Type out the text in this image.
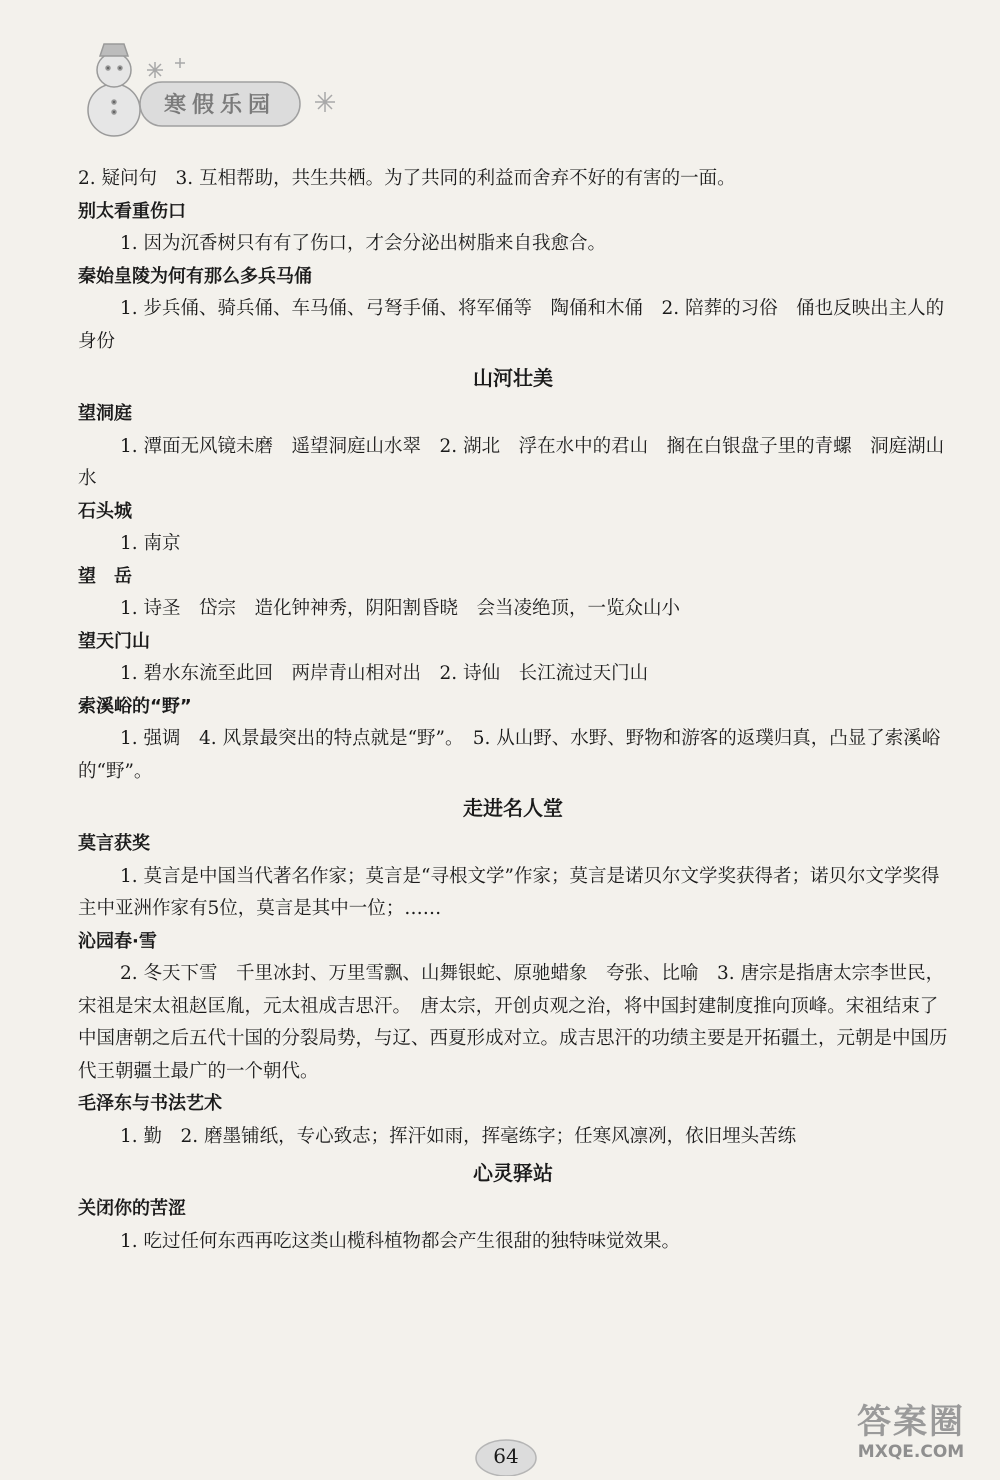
寒假乐园
2. 疑问句　3. 互相帮助，共生共栖。为了共同的利益而舍弃不好的有害的一面。
别太看重伤口
1. 因为沉香树只有有了伤口，才会分泌出树脂来自我愈合。
秦始皇陵为何有那么多兵马俑
1. 步兵俑、骑兵俑、车马俑、弓弩手俑、将军俑等　陶俑和木俑　2. 陪葬的习俗　俑也反映出主人的身份
山河壮美
望洞庭
1. 潭面无风镜未磨　遥望洞庭山水翠　2. 湖北　浮在水中的君山　搁在白银盘子里的青螺　洞庭湖山水
石头城
1. 南京
望　岳
1. 诗圣　岱宗　造化钟神秀，阴阳割昏晓　会当凌绝顶，一览众山小
望天门山
1. 碧水东流至此回　两岸青山相对出　2. 诗仙　长江流过天门山
索溪峪的“野”
1. 强调　4. 风景最突出的特点就是“野”。　5. 从山野、水野、野物和游客的返璞归真，凸显了索溪峪的“野”。
走进名人堂
莫言获奖
1. 莫言是中国当代著名作家；莫言是“寻根文学”作家；莫言是诺贝尔文学奖获得者；诺贝尔文学奖得主中亚洲作家有5位，莫言是其中一位；……
沁园春·雪
2. 冬天下雪　千里冰封、万里雪飘、山舞银蛇、原驰蜡象　夸张、比喻　3. 唐宗是指唐太宗李世民，宋祖是宋太祖赵匡胤，元太祖成吉思汗。　唐太宗，开创贞观之治，将中国封建制度推向顶峰。宋祖结束了中国唐朝之后五代十国的分裂局势，与辽、西夏形成对立。成吉思汗的功绩主要是开拓疆土，元朝是中国历代王朝疆土最广的一个朝代。
毛泽东与书法艺术
1. 勤　2. 磨墨铺纸，专心致志；挥汗如雨，挥毫练字；任寒风凛冽，依旧埋头苦练
心灵驿站
关闭你的苦涩
1. 吃过任何东西再吃这类山榄科植物都会产生很甜的独特味觉效果。
64
答案圈
MXQE.COM
